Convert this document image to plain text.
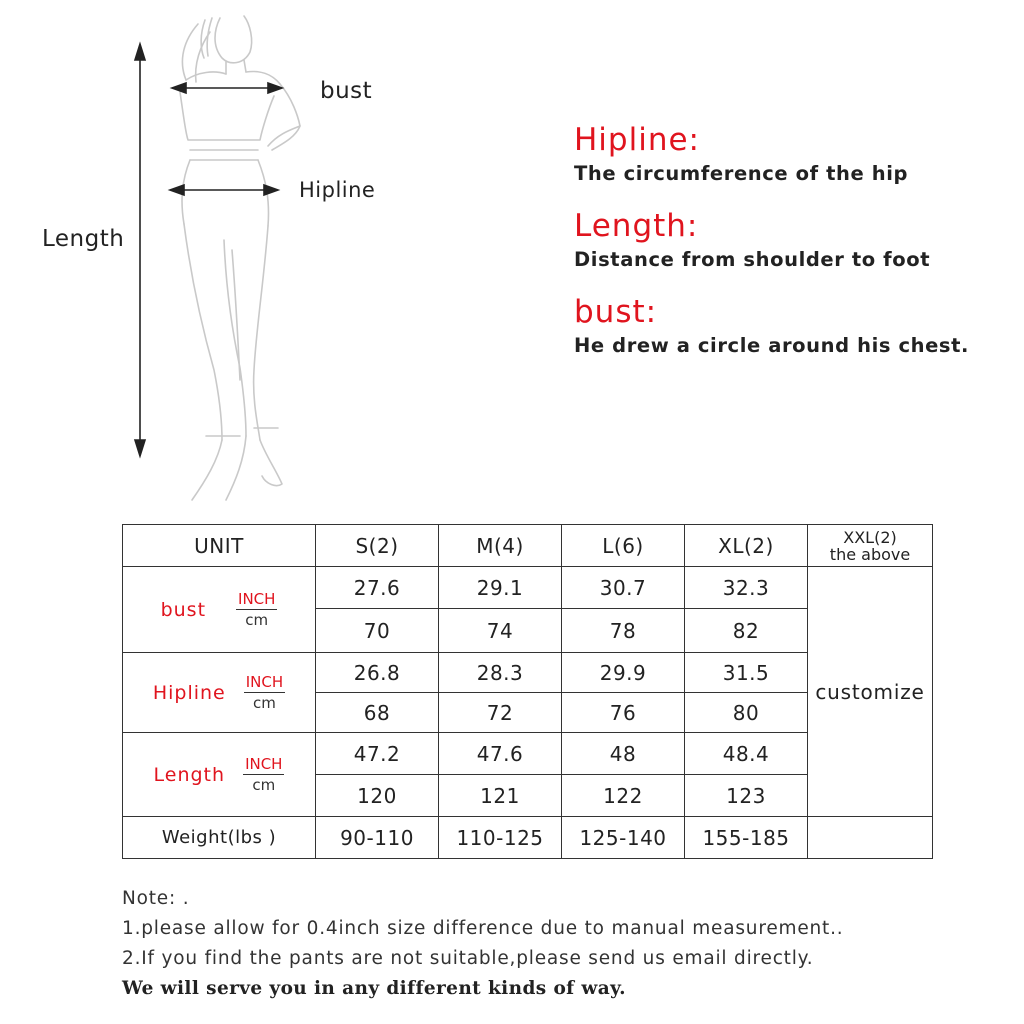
bust
Hipline
Length
Hipline:
The circumference of the hip
Length:
Distance from shoulder to foot
bust:
He drew a circle around his chest.
UNIT	S(2)	M(4)	L(6)	XL(2)	XXL(2)
the above

bust $\frac{\text{INCH}}{cm}$	27.6	29.1	30.7	32.3	customize
	70	74	78	82	

Hipline $\frac{\text{INCH}}{cm}$	26.8	28.3	29.9	31.5	
	68	72	76	80	

Length $\frac{\text{INCH}}{cm}$	47.2	47.6	48	48.4	
	120	121	122	123	
Weight(lbs )	90-110	110-125	125-140	155-185	
Note: .
1.please allow for 0.4inch size difference due to manual measurement..
2.If you find the pants are not suitable,please send us email directly.
We will serve you in any different kinds of way.
